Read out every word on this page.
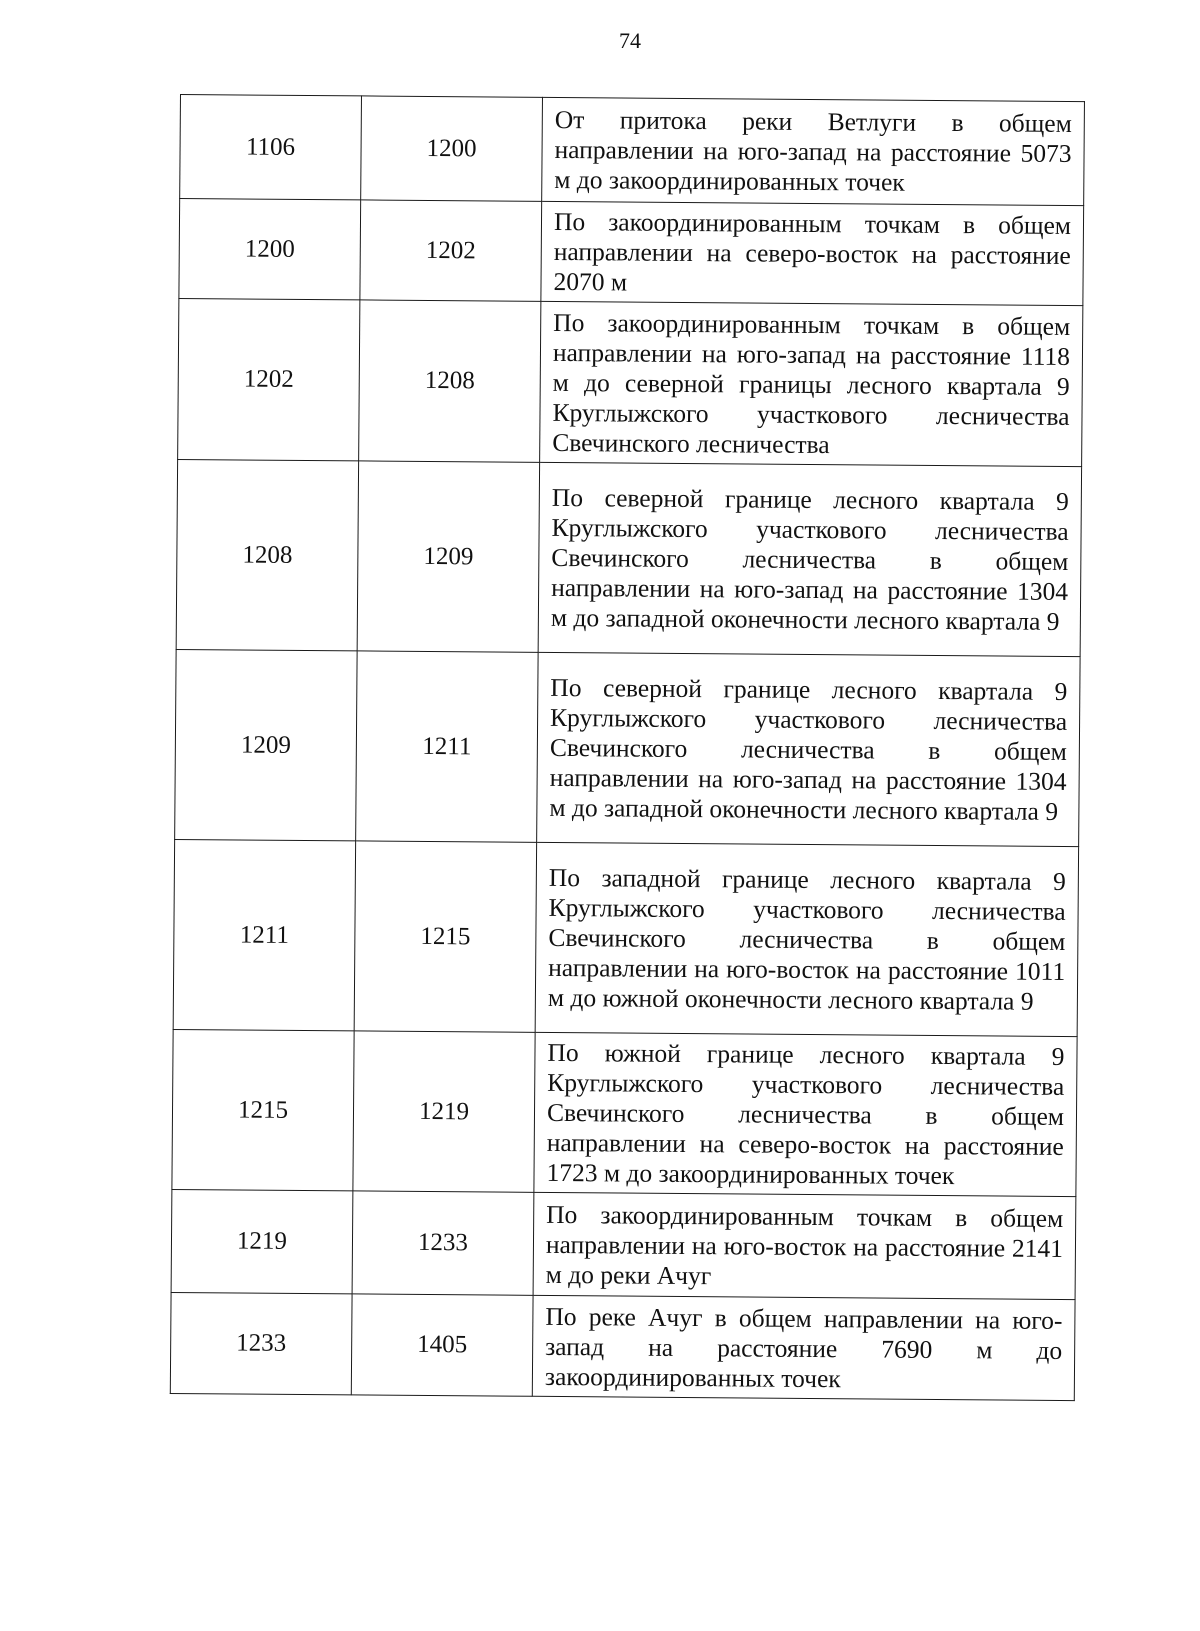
74
1106	1200	От притока реки Ветлуги в общем направлении на юго-запад на расстояние 5073 м до закоординированных точек
1200	1202	По закоординированным точкам в общем направлении на северо-восток на расстояние 2070 м
1202	1208	По закоординированным точкам в общем направлении на юго-запад на расстояние 1118 м до северной границы лесного квартала 9 Круглыжского участкового лесничества Свечинского лесничества
1208	1209	По северной границе лесного квартала 9 Круглыжского участкового лесничества Свечинского лесничества в общем направлении на юго-запад на расстояние 1304 м до западной оконечности лесного квартала 9
1209	1211	По северной границе лесного квартала 9 Круглыжского участкового лесничества Свечинского лесничества в общем направлении на юго-запад на расстояние 1304 м до западной оконечности лесного квартала 9
1211	1215	По западной границе лесного квартала 9 Круглыжского участкового лесничества Свечинского лесничества в общем направлении на юго-восток на расстояние 1011 м до южной оконечности лесного квартала 9
1215	1219	По южной границе лесного квартала 9 Круглыжского участкового лесничества Свечинского лесничества в общем направлении на северо-восток на расстояние 1723 м до закоординированных точек
1219	1233	По закоординированным точкам в общем направлении на юго-восток на расстояние 2141 м до реки Ачуг
1233	1405	По реке Ачуг в общем направлении на юго-запад на расстояние 7690 м до закоординированных точек
